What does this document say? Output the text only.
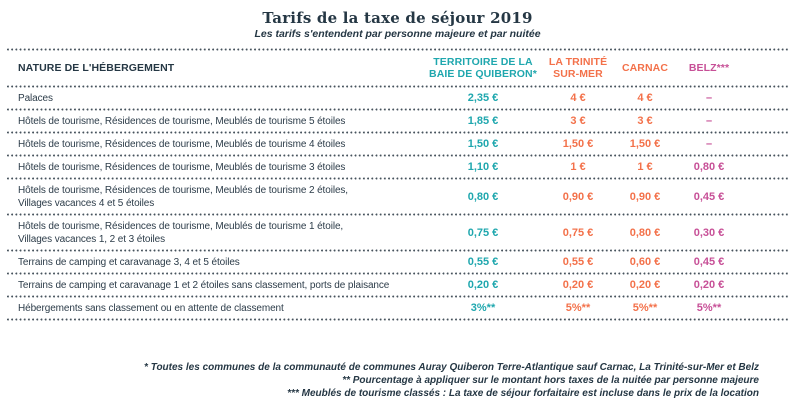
Tarifs de la taxe de séjour 2019
Les tarifs s'entendent par personne majeure et par nuitée
NATURE DE L'HÉBERGEMENT	TERRITOIRE DE LA
BAIE DE QUIBERON*
LA TRINITÉ
SUR-MER	CARNAC	BELZ***
Palaces	2,35 €	4 €	4 €	–
Hôtels de tourisme, Résidences de tourisme, Meublés de tourisme 5 étoiles	1,85 €	3 €	3 €	–
Hôtels de tourisme, Résidences de tourisme, Meublés de tourisme 4 étoiles	1,50 €	1,50 €	1,50 €	–
Hôtels de tourisme, Résidences de tourisme, Meublés de tourisme 3 étoiles	1,10 €	1 €	1 €	0,80 €
Hôtels de tourisme, Résidences de tourisme, Meublés de tourisme 2 étoiles,
Villages vacances 4 et 5 étoiles
0,80 €	0,90 €	0,90 €	0,45 €
Hôtels de tourisme, Résidences de tourisme, Meublés de tourisme 1 étoile,
Villages vacances 1, 2 et 3 étoiles
0,75 €	0,75 €	0,80 €	0,30 €
Terrains de camping et caravanage 3, 4 et 5 étoiles	0,55 €	0,55 €	0,60 €	0,45 €
Terrains de camping et caravanage 1 et 2 étoiles sans classement, ports de plaisance	0,20 €	0,20 €	0,20 €	0,20 €
Hébergements sans classement ou en attente de classement	3%**	5%**	5%**	5%**
* Toutes les communes de la communauté de communes Auray Quiberon Terre-Atlantique sauf Carnac, La Trinité-sur-Mer et Belz
** Pourcentage à appliquer sur le montant hors taxes de la nuitée par personne majeure
*** Meublés de tourisme classés : La taxe de séjour forfaitaire est incluse dans le prix de la location
